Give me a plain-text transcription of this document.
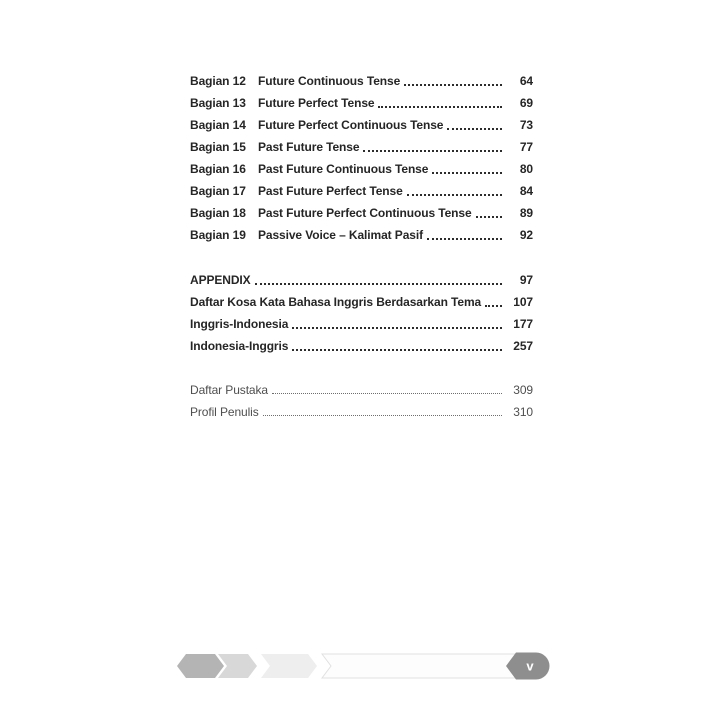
Bagian 12	Future Continuous Tense	64
Bagian 13	Future Perfect Tense	69
Bagian 14	Future Perfect Continuous Tense	73
Bagian 15	Past Future Tense	77
Bagian 16	Past Future Continuous Tense	80
Bagian 17	Past Future Perfect Tense	84
Bagian 18	Past Future Perfect Continuous Tense	89
Bagian 19	Passive Voice – Kalimat Pasif	92
APPENDIX	97
Daftar Kosa Kata Bahasa Inggris Berdasarkan Tema	107
Inggris-Indonesia	177
Indonesia-Inggris	257
Daftar Pustaka	309
Profil Penulis	310
v
